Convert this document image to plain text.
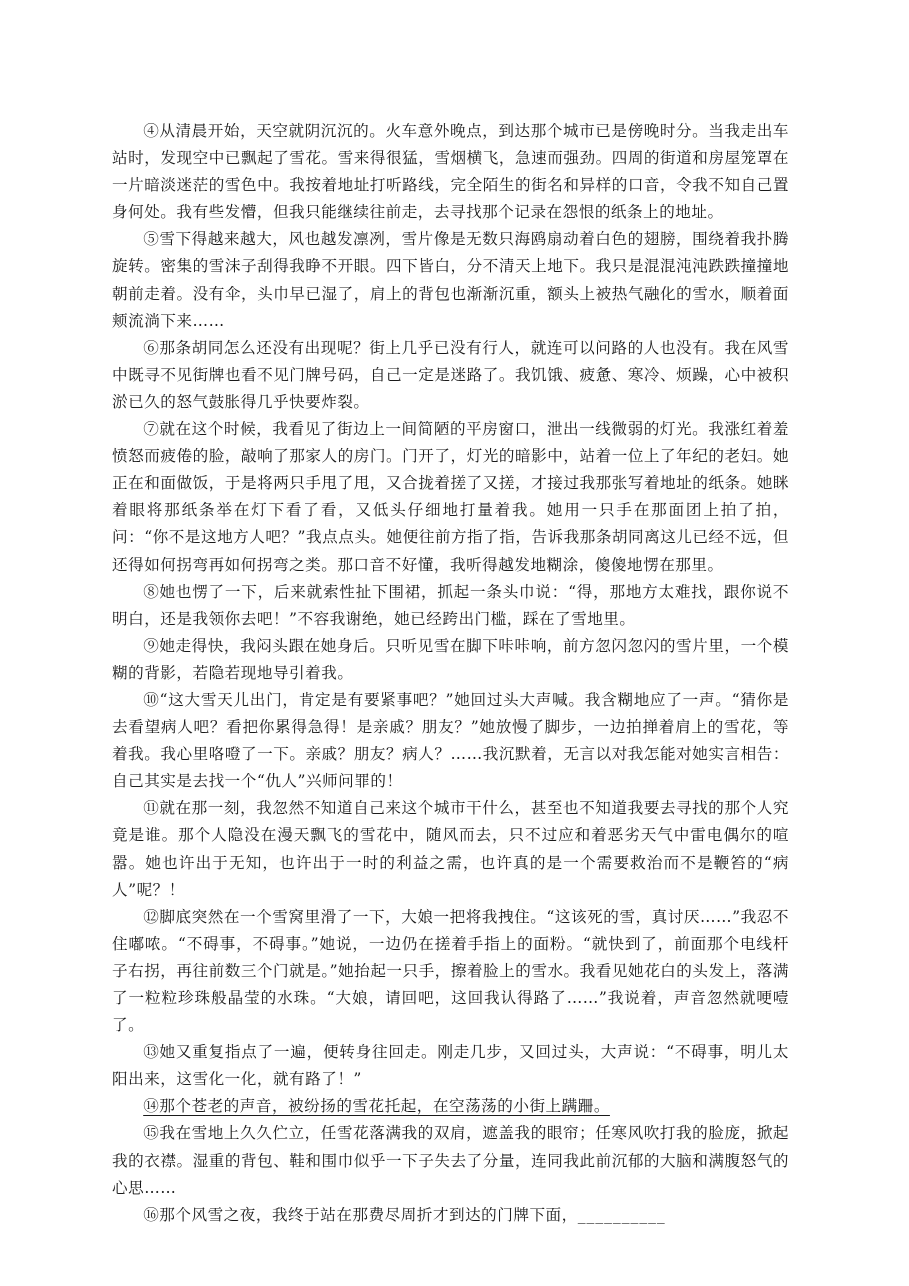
④从清晨开始，天空就阴沉沉的。火车意外晚点，到达那个城市已是傍晚时分。当我走出车站时，发现空中已飘起了雪花。雪来得很猛，雪烟横飞，急速而强劲。四周的街道和房屋笼罩在一片暗淡迷茫的雪色中。我按着地址打听路线，完全陌生的街名和异样的口音，令我不知自己置身何处。我有些发懵，但我只能继续往前走，去寻找那个记录在怨恨的纸条上的地址。

⑤雪下得越来越大，风也越发凛冽，雪片像是无数只海鸥扇动着白色的翅膀，围绕着我扑腾旋转。密集的雪沫子刮得我睁不开眼。四下皆白，分不清天上地下。我只是混混沌沌跌跌撞撞地朝前走着。没有伞，头巾早已湿了，肩上的背包也渐渐沉重，额头上被热气融化的雪水，顺着面颊流淌下来……

⑥那条胡同怎么还没有出现呢？街上几乎已没有行人，就连可以问路的人也没有。我在风雪中既寻不见街牌也看不见门牌号码，自己一定是迷路了。我饥饿、疲惫、寒冷、烦躁，心中被积淤已久的怒气鼓胀得几乎快要炸裂。

⑦就在这个时候，我看见了街边上一间简陋的平房窗口，泄出一线微弱的灯光。我涨红着羞愤怒而疲倦的脸，敲响了那家人的房门。门开了，灯光的暗影中，站着一位上了年纪的老妇。她正在和面做饭，于是将两只手甩了甩，又合拢着搓了又搓，才接过我那张写着地址的纸条。她眯着眼将那纸条举在灯下看了看，又低头仔细地打量着我。她用一只手在那面团上拍了拍，问：“你不是这地方人吧？”我点点头。她便往前方指了指，告诉我那条胡同离这儿已经不远，但还得如何拐弯再如何拐弯之类。那口音不好懂，我听得越发地糊涂，傻傻地愣在那里。

⑧她也愣了一下，后来就索性扯下围裙，抓起一条头巾说：“得，那地方太难找，跟你说不明白，还是我领你去吧！”不容我谢绝，她已经跨出门槛，踩在了雪地里。

⑨她走得快，我闷头跟在她身后。只听见雪在脚下咔咔响，前方忽闪忽闪的雪片里，一个模糊的背影，若隐若现地导引着我。

⑩“这大雪天儿出门，肯定是有要紧事吧？”她回过头大声喊。我含糊地应了一声。“猜你是去看望病人吧？看把你累得急得！是亲戚？朋友？”她放慢了脚步，一边拍掸着肩上的雪花，等着我。我心里咯噔了一下。亲戚？朋友？病人？……我沉默着，无言以对我怎能对她实言相告：自己其实是去找一个“仇人”兴师问罪的！

⑪就在那一刻，我忽然不知道自己来这个城市干什么，甚至也不知道我要去寻找的那个人究竟是谁。那个人隐没在漫天飘飞的雪花中，随风而去，只不过应和着恶劣天气中雷电偶尔的喧嚣。她也许出于无知，也许出于一时的利益之需，也许真的是一个需要救治而不是鞭笞的“病人”呢？！

⑫脚底突然在一个雪窝里滑了一下，大娘一把将我拽住。“这该死的雪，真讨厌……”我忍不住嘟哝。“不碍事，不碍事。”她说，一边仍在搓着手指上的面粉。“就快到了，前面那个电线杆子右拐，再往前数三个门就是。”她抬起一只手，擦着脸上的雪水。我看见她花白的头发上，落满了一粒粒珍珠般晶莹的水珠。“大娘，请回吧，这回我认得路了……”我说着，声音忽然就哽噎了。

⑬她又重复指点了一遍，便转身往回走。刚走几步，又回过头，大声说：“不碍事，明儿太阳出来，这雪化一化，就有路了！”

⑭那个苍老的声音，被纷扬的雪花托起，在空荡荡的小街上蹒跚。

⑮我在雪地上久久伫立，任雪花落满我的双肩，遮盖我的眼帘；任寒风吹打我的脸庞，掀起我的衣襟。湿重的背包、鞋和围巾似乎一下子失去了分量，连同我此前沉郁的大脑和满腹怒气的心思……

⑯那个风雪之夜，我终于站在那费尽周折才到达的门牌下面，__________
